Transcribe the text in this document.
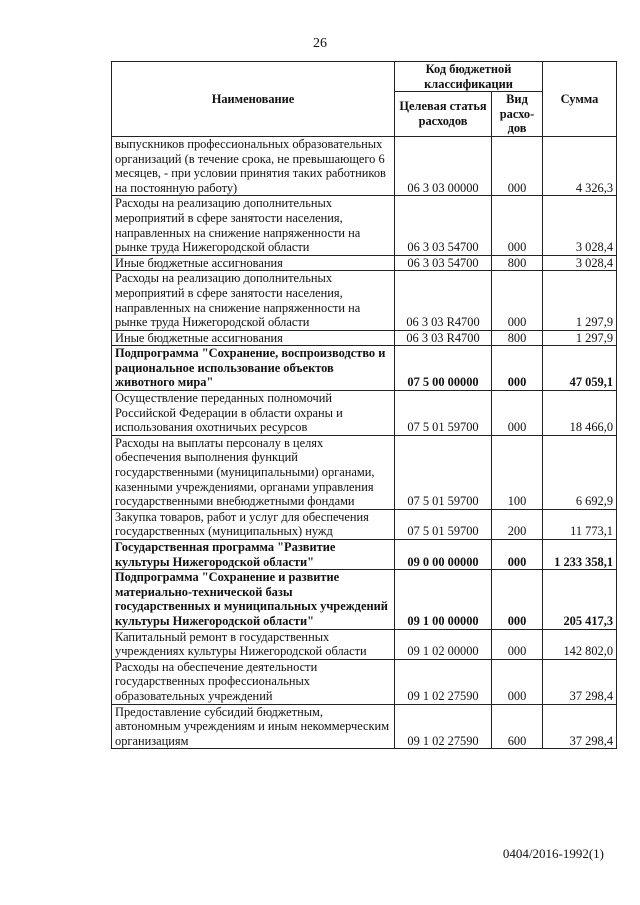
26
Наименование	Код бюджетной классификации		Сумма
	Целевая статья расходов	Вид расхо-дов	
выпускников профессиональных образовательных организаций (в течение срока, не превышающего 6 месяцев, - при условии принятия таких работников на постоянную работу)	06 3 03 00000	000	4 326,3
Расходы на реализацию дополнительных мероприятий в сфере занятости населения, направленных на снижение напряженности на рынке труда Нижегородской области	06 3 03 54700	000	3 028,4
Иные бюджетные ассигнования	06 3 03 54700	800	3 028,4
Расходы на реализацию дополнительных мероприятий в сфере занятости населения, направленных на снижение напряженности на рынке труда Нижегородской области	06 3 03 R4700	000	1 297,9
Иные бюджетные ассигнования	06 3 03 R4700	800	1 297,9
Подпрограмма "Сохранение, воспроизводство и рациональное использование объектов животного мира"	07 5 00 00000	000	47 059,1
Осуществление переданных полномочий Российской Федерации в области охраны и использования охотничьих ресурсов	07 5 01 59700	000	18 466,0
Расходы на выплаты персоналу в целях обеспечения выполнения функций государственными (муниципальными) органами, казенными учреждениями, органами управления государственными внебюджетными фондами	07 5 01 59700	100	6 692,9
Закупка товаров, работ и услуг для обеспечения государственных (муниципальных) нужд	07 5 01 59700	200	11 773,1
Государственная программа "Развитие культуры Нижегородской области"	09 0 00 00000	000	1 233 358,1
Подпрограмма "Сохранение и развитие материально-технической базы государственных и муниципальных учреждений культуры Нижегородской области"	09 1 00 00000	000	205 417,3
Капитальный ремонт в государственных учреждениях культуры Нижегородской области	09 1 02 00000	000	142 802,0
Расходы на обеспечение деятельности государственных профессиональных образовательных учреждений	09 1 02 27590	000	37 298,4
Предоставление субсидий бюджетным, автономным учреждениям и иным некоммерческим организациям	09 1 02 27590	600	37 298,4
0404/2016-1992(1)
